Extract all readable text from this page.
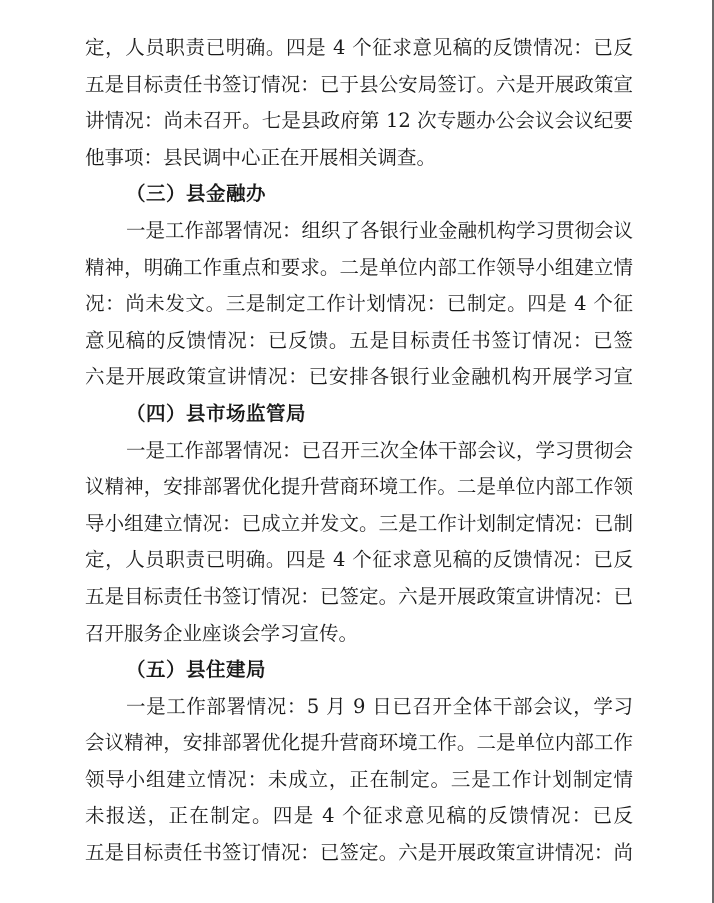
定，人员职责已明确。四是 4 个征求意见稿的反馈情况：已反
五是目标责任书签订情况：已于县公安局签订。六是开展政策宣
讲情况：尚未召开。七是县政府第 12 次专题办公会议会议纪要
他事项：县民调中心正在开展相关调查。
（三）县金融办
一是工作部署情况：组织了各银行业金融机构学习贯彻会议
精神，明确工作重点和要求。二是单位内部工作领导小组建立情
况：尚未发文。三是制定工作计划情况：已制定。四是 4 个征
意见稿的反馈情况：已反馈。五是目标责任书签订情况：已签
六是开展政策宣讲情况：已安排各银行业金融机构开展学习宣
（四）县市场监管局
一是工作部署情况：已召开三次全体干部会议，学习贯彻会
议精神，安排部署优化提升营商环境工作。二是单位内部工作领
导小组建立情况：已成立并发文。三是工作计划制定情况：已制
定，人员职责已明确。四是 4 个征求意见稿的反馈情况：已反
五是目标责任书签订情况：已签定。六是开展政策宣讲情况：已
召开服务企业座谈会学习宣传。
（五）县住建局
一是工作部署情况：5 月 9 日已召开全体干部会议，学习
会议精神，安排部署优化提升营商环境工作。二是单位内部工作
领导小组建立情况：未成立，正在制定。三是工作计划制定情
未报送，正在制定。四是 4 个征求意见稿的反馈情况：已反
五是目标责任书签订情况：已签定。六是开展政策宣讲情况：尚
